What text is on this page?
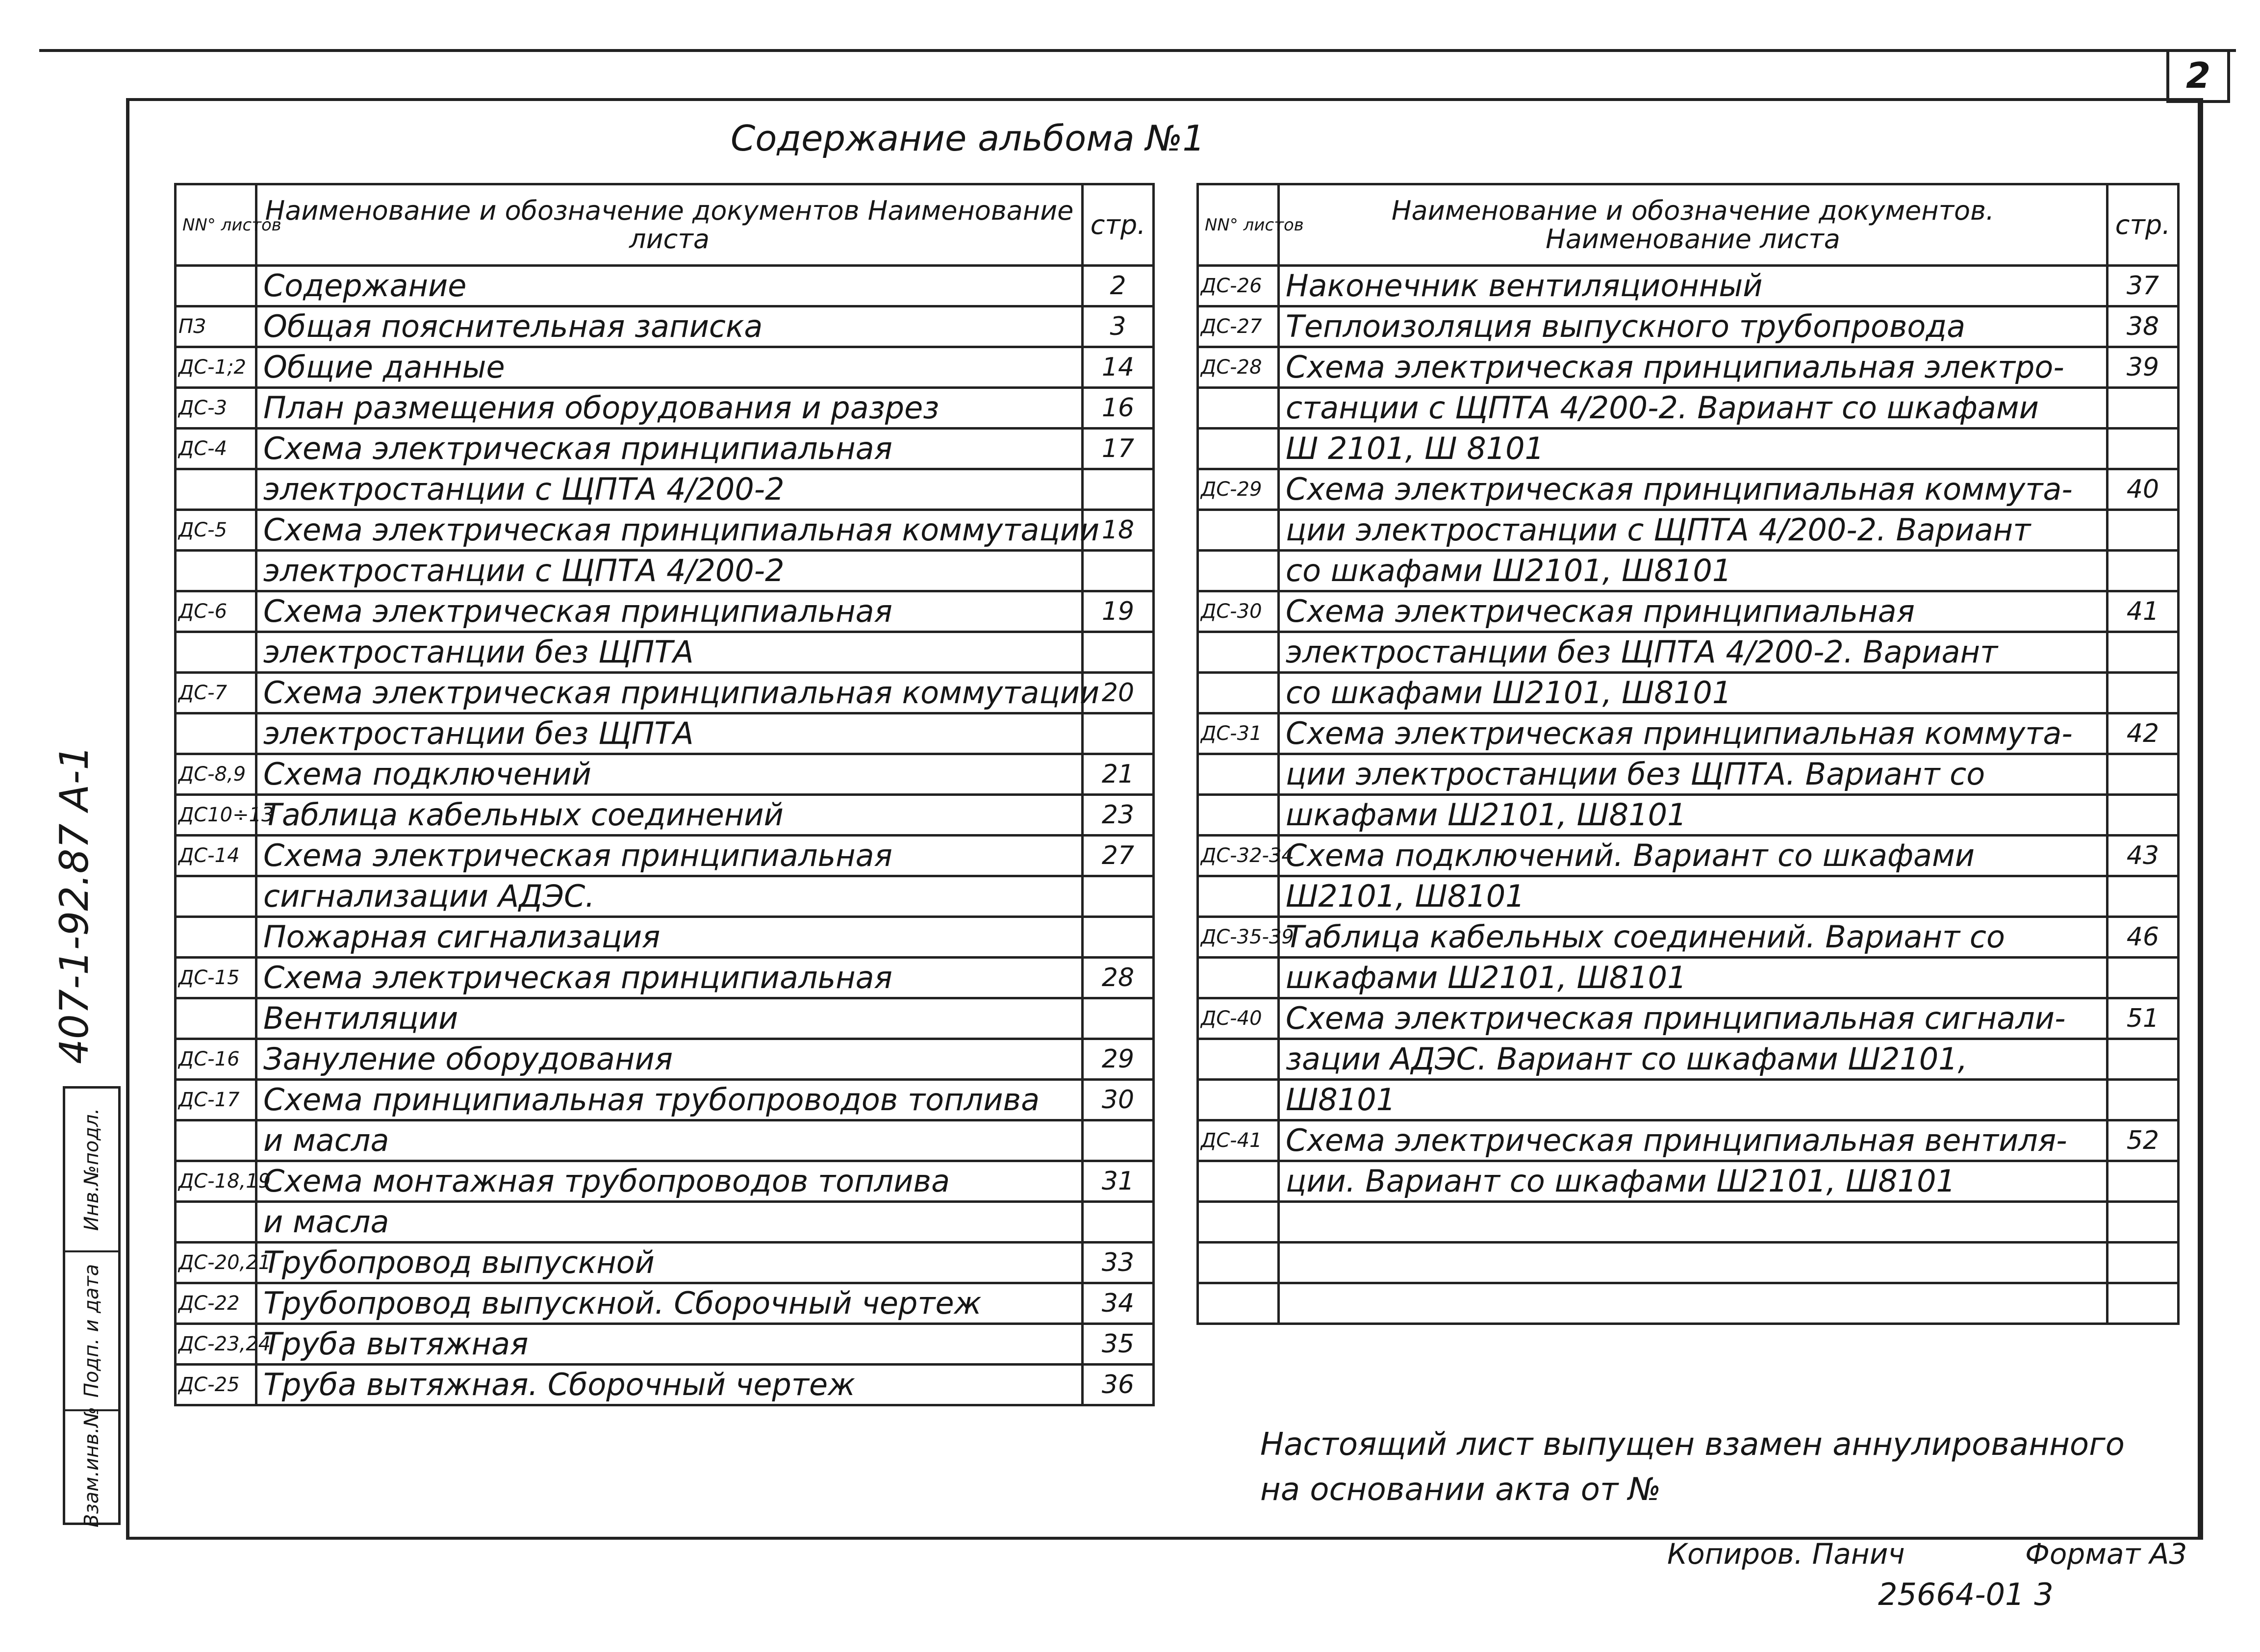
2
Содержание альбома №1
NN° листов	Наименование и обозначение документов Наименование листа	стр.
	Содержание	2
ПЗ	Общая пояснительная записка	3
ДС-1;2	Общие данные	14
ДС-3	План размещения оборудования и разрез	16
ДС-4	Схема электрическая принципиальная	17
	электростанции с ЩПТА 4/200-2	
ДС-5	Схема электрическая принципиальная коммутации	18
	электростанции с ЩПТА 4/200-2	
ДС-6	Схема электрическая принципиальная	19
	электростанции без ЩПТА	
ДС-7	Схема электрическая принципиальная коммутации	20
	электростанции без ЩПТА	
ДС-8,9	Схема подключений	21
ДС10÷13	Таблица кабельных соединений	23
ДС-14	Схема электрическая принципиальная	27
	сигнализации АДЭС.	
	Пожарная сигнализация	
ДС-15	Схема электрическая принципиальная	28
	Вентиляции	
ДС-16	Зануление оборудования	29
ДС-17	Схема принципиальная трубопроводов топлива	30
	и масла	
ДС-18,19	Схема монтажная трубопроводов топлива	31
	и масла	
ДС-20,21	Трубопровод выпускной	33
ДС-22	Трубопровод выпускной. Сборочный чертеж	34
ДС-23,24	Труба вытяжная	35
ДС-25	Труба вытяжная. Сборочный чертеж	36
NN° листов	Наименование и обозначение документов. Наименование листа	стр.
ДС-26	Наконечник вентиляционный	37
ДС-27	Теплоизоляция выпускного трубопровода	38
ДС-28	Схема электрическая принципиальная электро-	39
	станции с ЩПТА 4/200-2. Вариант со шкафами	
	Ш 2101, Ш 8101	
ДС-29	Схема электрическая принципиальная коммута-	40
	ции электростанции с ЩПТА 4/200-2. Вариант	
	со шкафами Ш2101, Ш8101	
ДС-30	Схема электрическая принципиальная	41
	электростанции без ЩПТА 4/200-2. Вариант	
	со шкафами Ш2101, Ш8101	
ДС-31	Схема электрическая принципиальная коммута-	42
	ции электростанции без ЩПТА. Вариант со	
	шкафами Ш2101, Ш8101	
ДС-32-34	Схема подключений. Вариант со шкафами	43
	Ш2101, Ш8101	
ДС-35-39	Таблица кабельных соединений. Вариант со	46
	шкафами Ш2101, Ш8101	
ДС-40	Схема электрическая принципиальная сигнали-	51
	зации АДЭС. Вариант со шкафами Ш2101,	
	Ш8101	
ДС-41	Схема электрическая принципиальная вентиля-	52
	ции. Вариант со шкафами Ш2101, Ш8101	

Настоящий лист выпущен взамен аннулированного
на основании акта от №
407-1-92.87 А-1
Инв.№подл.
Подп. и дата
Взам.инв.№
Копиров. Панич	Формат А3
25664-01 3
